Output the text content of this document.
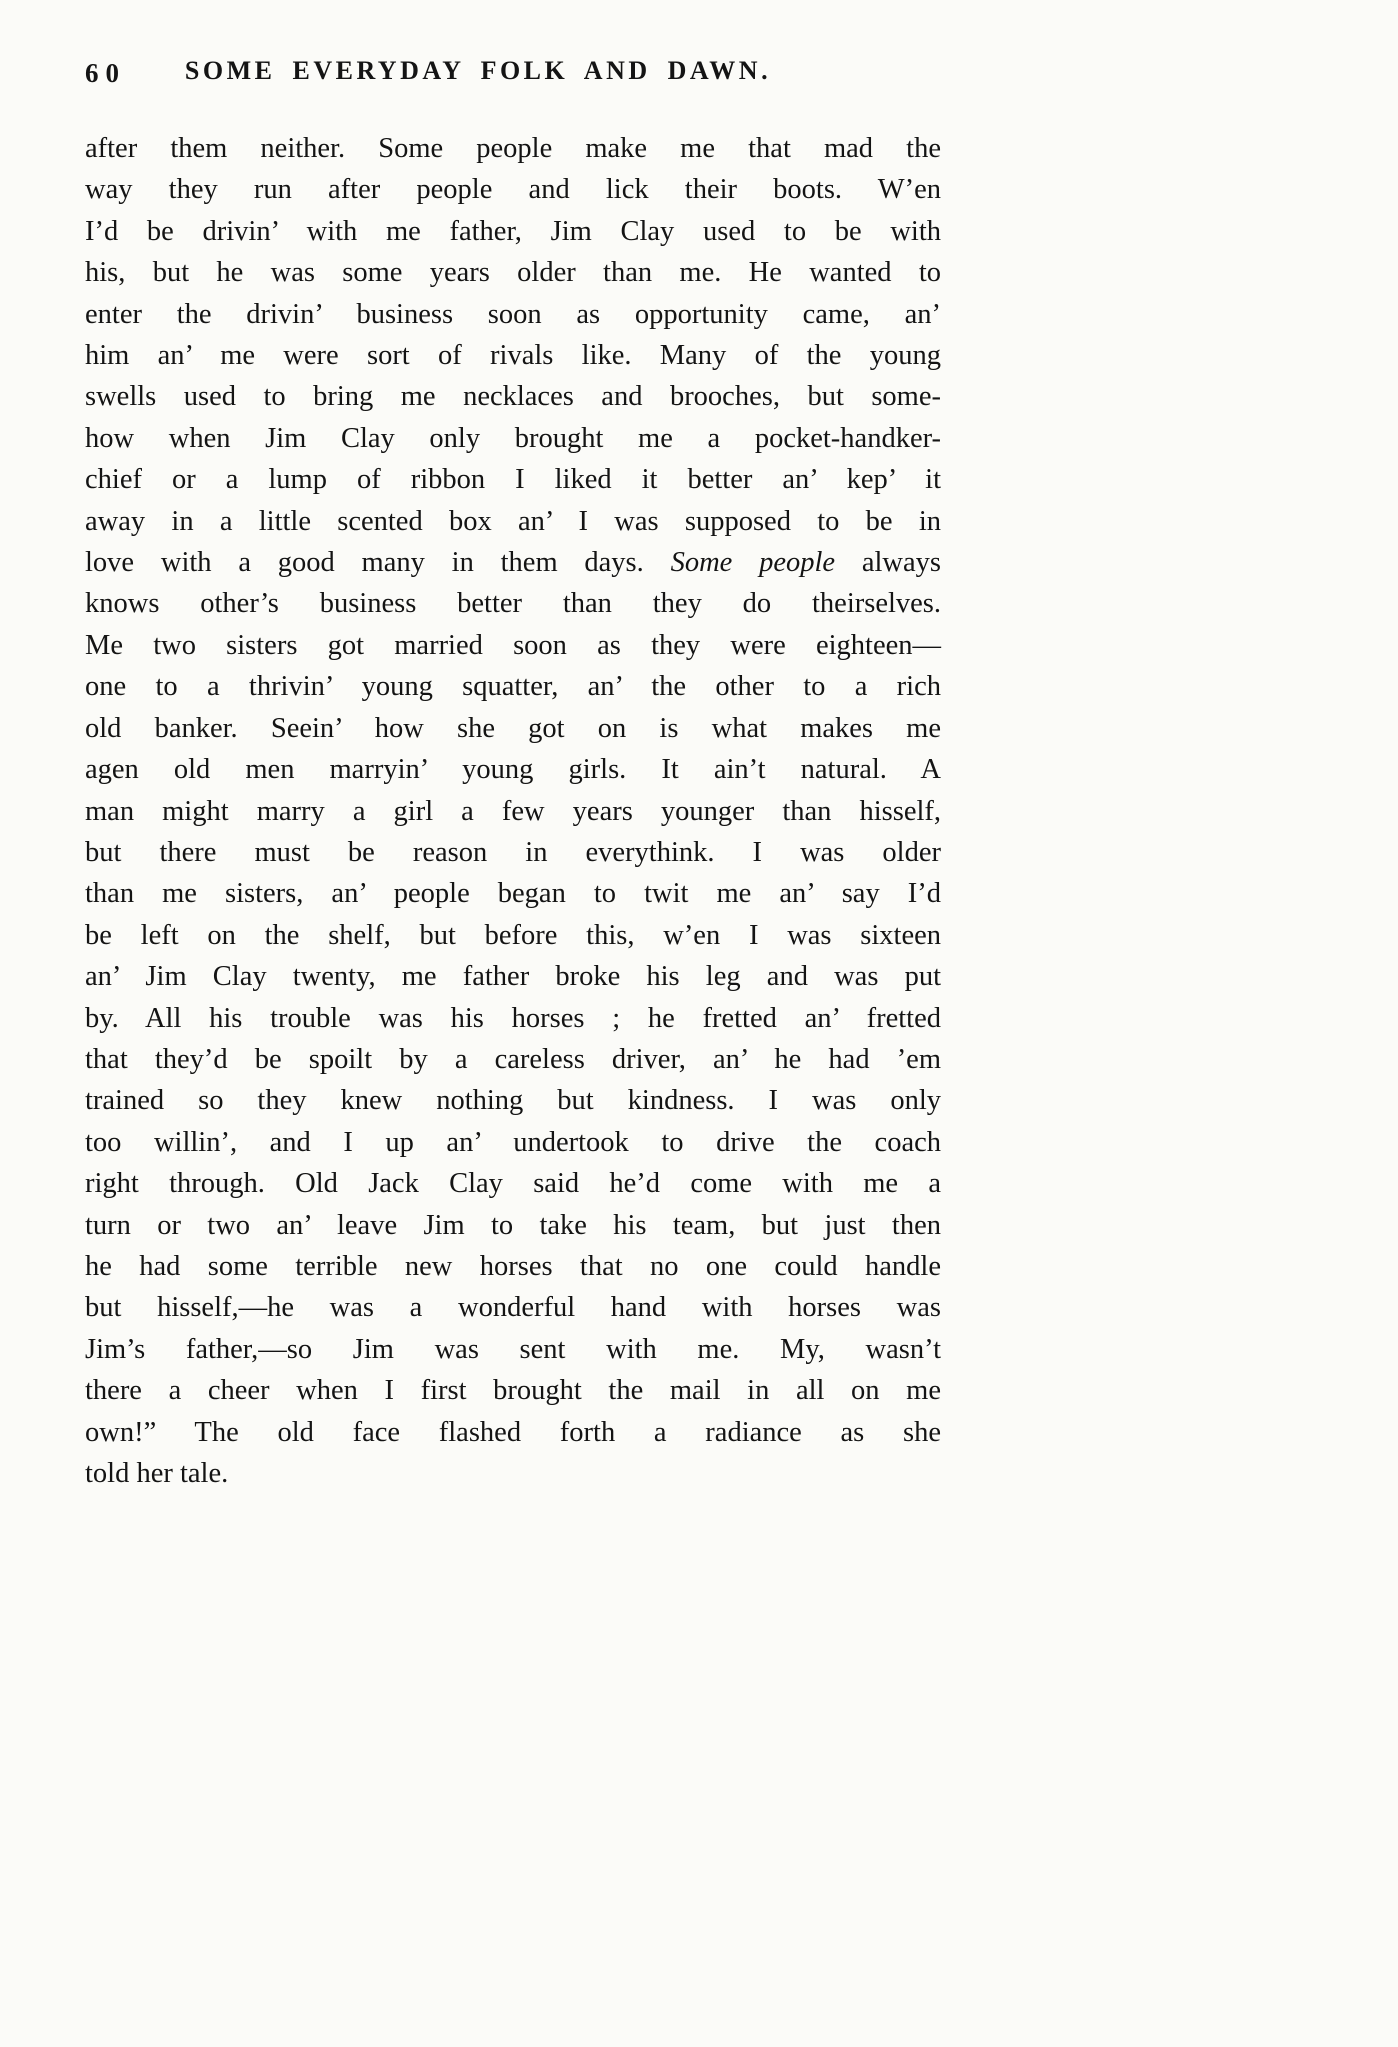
60	SOME EVERYDAY FOLK AND DAWN.
after them neither. Some people make me that mad the
way they run after people and lick their boots. W’en
I’d be drivin’ with me father, Jim Clay used to be with
his, but he was some years older than me. He wanted to
enter the drivin’ business soon as opportunity came, an’
him an’ me were sort of rivals like. Many of the young
swells used to bring me necklaces and brooches, but some-
how when Jim Clay only brought me a pocket-handker-
chief or a lump of ribbon I liked it better an’ kep’ it
away in a little scented box an’ I was supposed to be in
love with a good many in them days. Some people always
knows other’s business better than they do theirselves.
Me two sisters got married soon as they were eighteen—
one to a thrivin’ young squatter, an’ the other to a rich
old banker. Seein’ how she got on is what makes me
agen old men marryin’ young girls. It ain’t natural. A
man might marry a girl a few years younger than hisself,
but there must be reason in everythink. I was older
than me sisters, an’ people began to twit me an’ say I’d
be left on the shelf, but before this, w’en I was sixteen
an’ Jim Clay twenty, me father broke his leg and was put
by. All his trouble was his horses ; he fretted an’ fretted
that they’d be spoilt by a careless driver, an’ he had ’em
trained so they knew nothing but kindness. I was only
too willin’, and I up an’ undertook to drive the coach
right through. Old Jack Clay said he’d come with me a
turn or two an’ leave Jim to take his team, but just then
he had some terrible new horses that no one could handle
but hisself,—he was a wonderful hand with horses was
Jim’s father,—so Jim was sent with me. My, wasn’t
there a cheer when I first brought the mail in all on me
own!” The old face flashed forth a radiance as she
told her tale.
